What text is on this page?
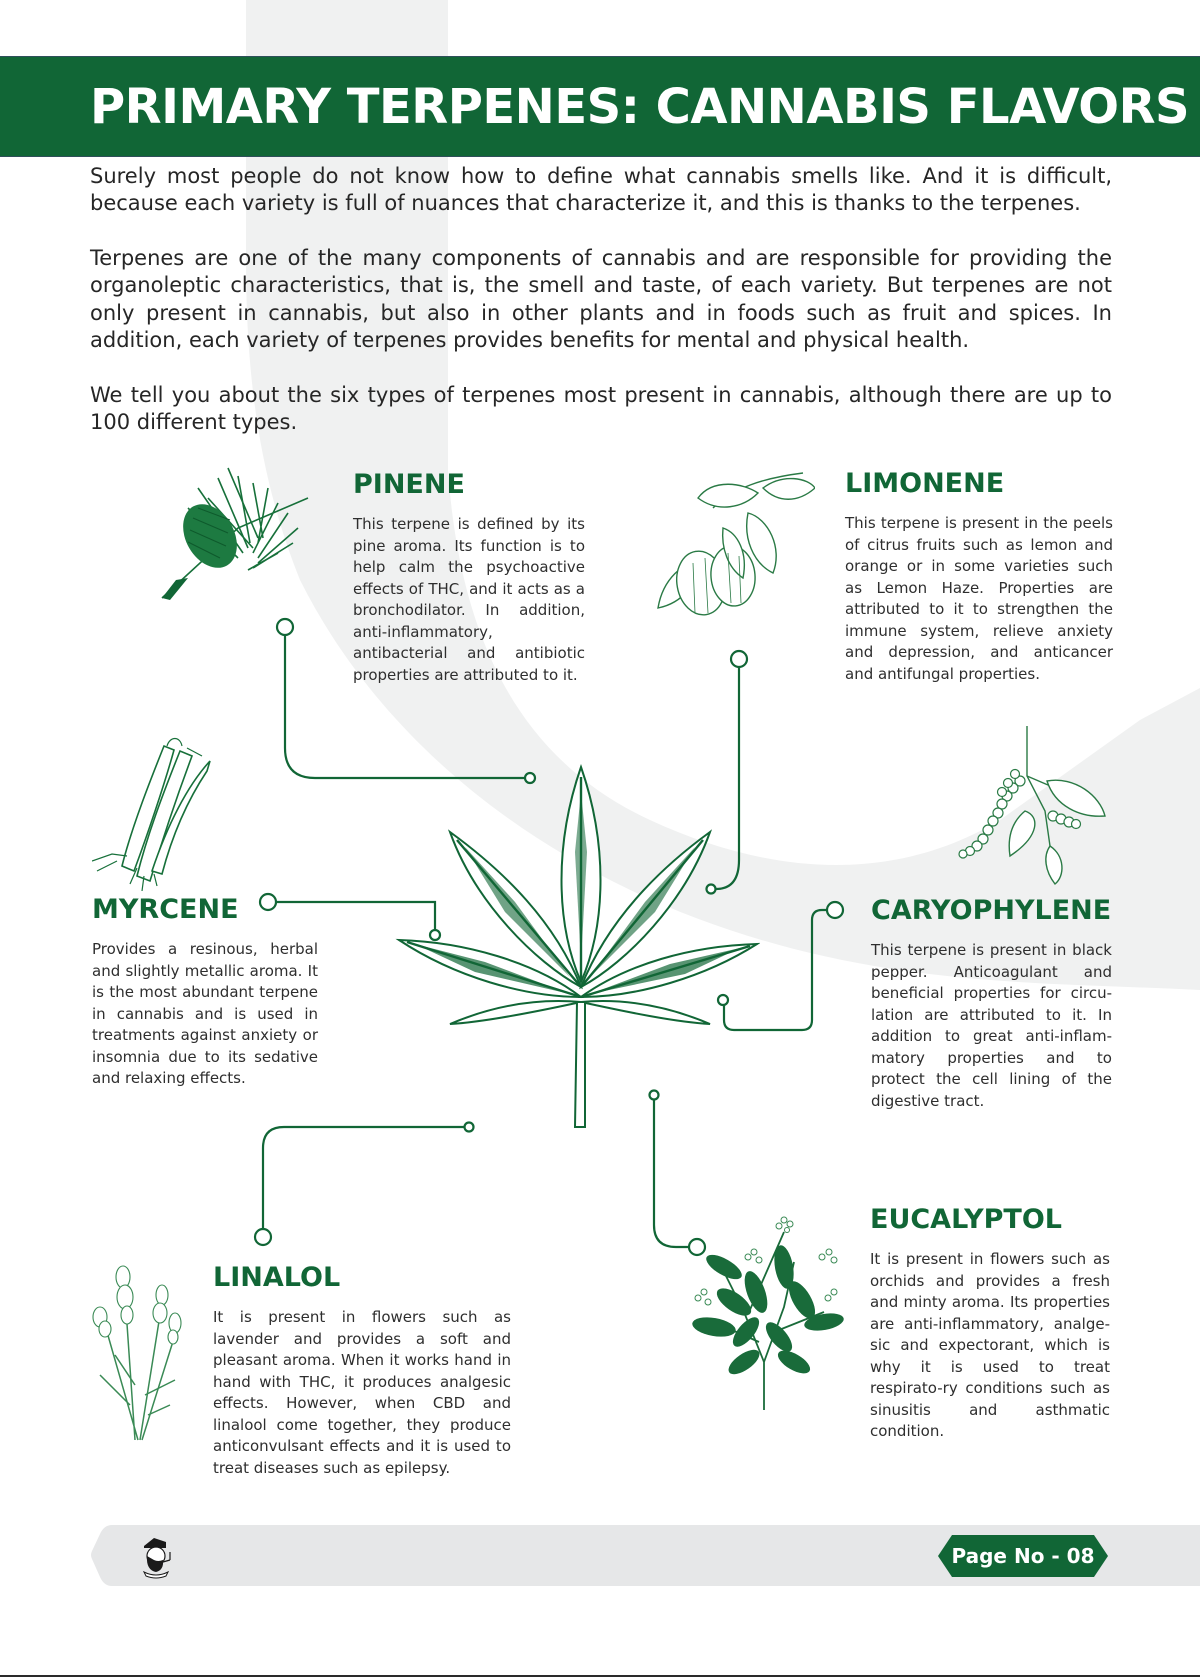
PRIMARY TERPENES: CANNABIS FLAVORS

Surely most people do not know how to define what cannabis smells like. And it is difficult, because each variety is full of nuances that characterize it, and this is thanks to the terpenes.

Terpenes are one of the many components of cannabis and are responsible for providing the organoleptic characteristics, that is, the smell and taste, of each variety. But terpenes are not only present in cannabis, but also in other plants and in foods such as fruit and spices. In addition, each variety of terpenes provides benefits for mental and physical health.

We tell you about the six types of terpenes most present in cannabis, although there are up to 100 different types.

PINENE

This terpene is defined by its pine aroma. Its function is to help calm the psychoactive effects of THC, and it acts as a bronchodilator. In addition, anti-inflammatory, antibacterial and antibiotic properties are attributed to it.

LIMONENE

This terpene is present in the peels of citrus fruits such as lemon and orange or in some varieties such as Lemon Haze. Properties are attributed to it to strengthen the immune system, relieve anxiety and depression, and anticancer and antifungal properties.

MYRCENE

Provides a resinous, herbal and slightly metallic aroma. It is the most abundant terpene in cannabis and is used in treatments against anxiety or insomnia due to its sedative and relaxing effects.

CARYOPHYLENE

This terpene is present in black pepper. Anticoagulant and beneficial properties for circu-lation are attributed to it. In addition to great anti-inflam-matory properties and to protect the cell lining of the digestive tract.

LINALOL

It is present in flowers such as lavender and provides a soft and pleasant aroma. When it works hand in hand with THC, it produces analgesic effects. However, when CBD and linalool come together, they produce anticonvulsant effects and it is used to treat diseases such as epilepsy.

EUCALYPTOL

It is present in flowers such as orchids and provides a fresh and minty aroma. Its properties are anti-inflammatory, analge-sic and expectorant, which is why it is used to treat respirato-ry conditions such as sinusitis and asthmatic condition.

Page No - 08
